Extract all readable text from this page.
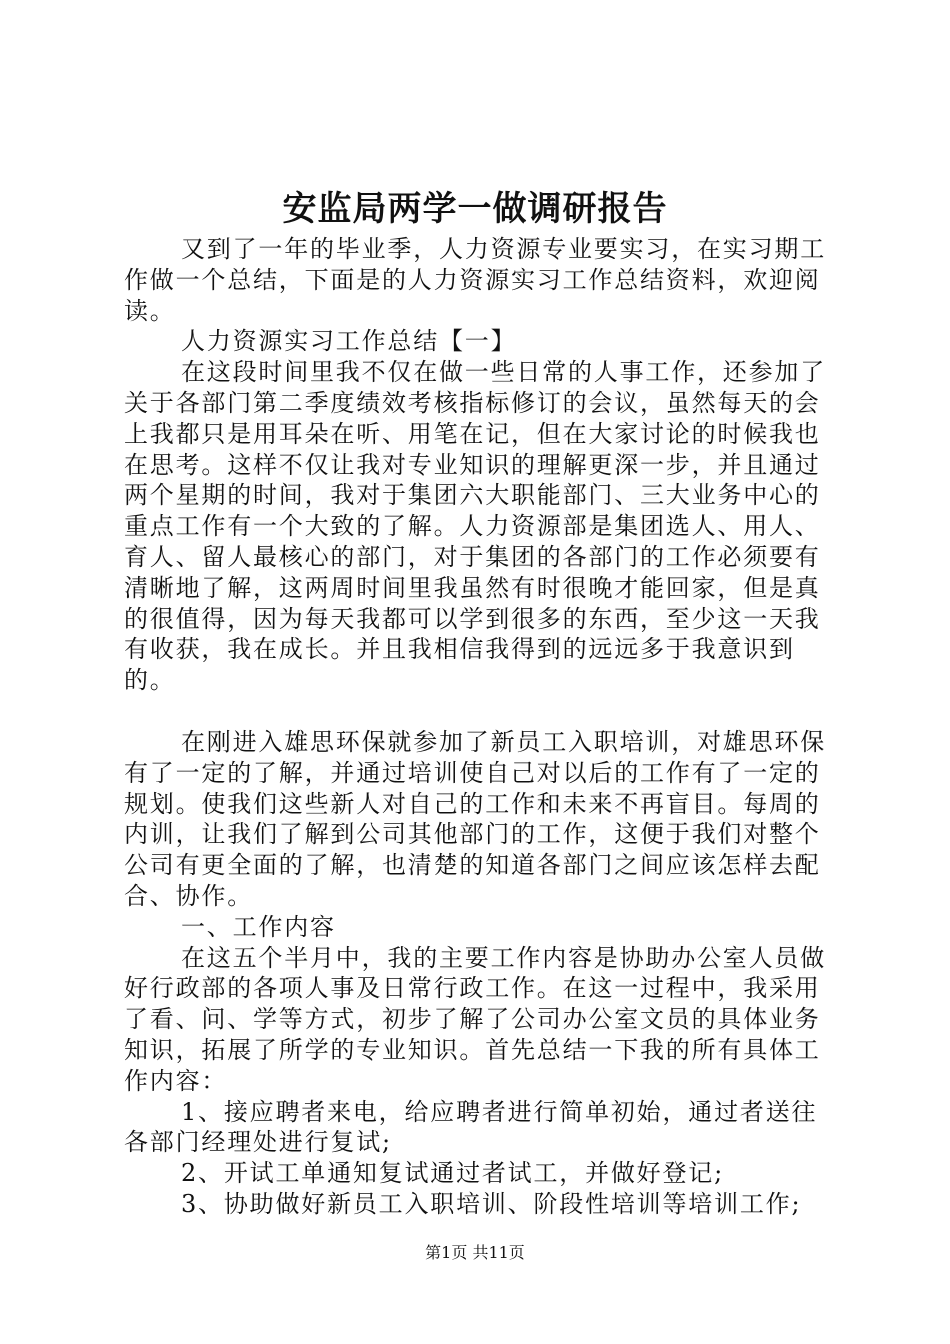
安监局两学一做调研报告

又到了一年的毕业季，人力资源专业要实习，在实习期工作做一个总结，下面是的人力资源实习工作总结资料，欢迎阅读。

人力资源实习工作总结【一】

在这段时间里我不仅在做一些日常的人事工作，还参加了关于各部门第二季度绩效考核指标修订的会议，虽然每天的会上我都只是用耳朵在听、用笔在记，但在大家讨论的时候我也在思考。这样不仅让我对专业知识的理解更深一步，并且通过两个星期的时间，我对于集团六大职能部门、三大业务中心的重点工作有一个大致的了解。人力资源部是集团选人、用人、育人、留人最核心的部门，对于集团的各部门的工作必须要有清晰地了解，这两周时间里我虽然有时很晚才能回家，但是真的很值得，因为每天我都可以学到很多的东西，至少这一天我有收获，我在成长。并且我相信我得到的远远多于我意识到的。

在刚进入雄思环保就参加了新员工入职培训，对雄思环保有了一定的了解，并通过培训使自己对以后的工作有了一定的规划。使我们这些新人对自己的工作和未来不再盲目。每周的内训，让我们了解到公司其他部门的工作，这便于我们对整个公司有更全面的了解，也清楚的知道各部门之间应该怎样去配合、协作。

一、工作内容

在这五个半月中，我的主要工作内容是协助办公室人员做好行政部的各项人事及日常行政工作。在这一过程中，我采用了看、问、学等方式，初步了解了公司办公室文员的具体业务知识，拓展了所学的专业知识。首先总结一下我的所有具体工作内容：

1、接应聘者来电，给应聘者进行简单初始，通过者送往各部门经理处进行复试;

2、开试工单通知复试通过者试工，并做好登记;

3、协助做好新员工入职培训、阶段性培训等培训工作;

第1页 共11页
